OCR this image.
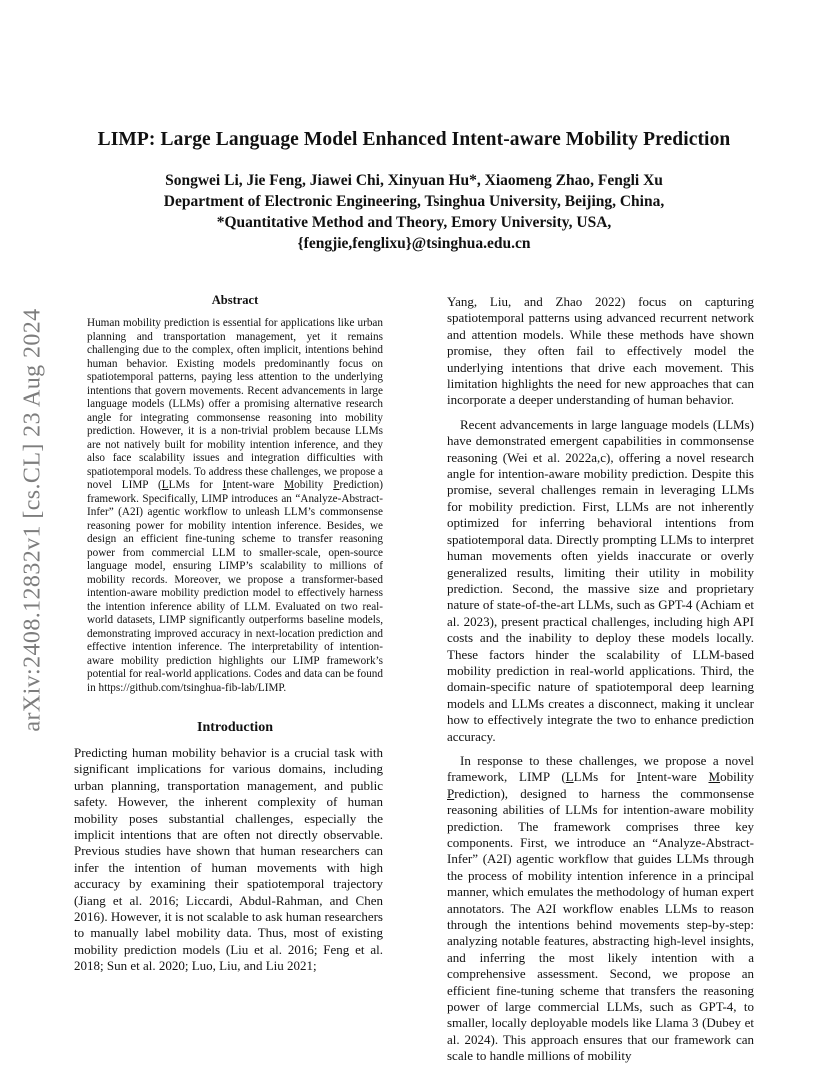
LIMP: Large Language Model Enhanced Intent-aware Mobility Prediction
Songwei Li, Jie Feng, Jiawei Chi, Xinyuan Hu*, Xiaomeng Zhao, Fengli Xu
Department of Electronic Engineering, Tsinghua University, Beijing, China,
*Quantitative Method and Theory, Emory University, USA,
{fengjie,fenglixu}@tsinghua.edu.cn
arXiv:2408.12832v1 [cs.CL] 23 Aug 2024
Abstract

Human mobility prediction is essential for applications like urban planning and transportation management, yet it remains challenging due to the complex, often implicit, intentions behind human behavior. Existing models predominantly focus on spatiotemporal patterns, paying less attention to the underlying intentions that govern movements. Recent advancements in large language models (LLMs) offer a promising alternative research angle for integrating commonsense reasoning into mobility prediction. However, it is a non-trivial problem because LLMs are not natively built for mobility intention inference, and they also face scalability issues and integration difficulties with spatiotemporal models. To address these challenges, we propose a novel LIMP (LLMs for Intent-ware Mobility Prediction) framework. Specifically, LIMP introduces an “Analyze-Abstract-Infer” (A2I) agentic workflow to unleash LLM’s commonsense reasoning power for mobility intention inference. Besides, we design an efficient fine-tuning scheme to transfer reasoning power from commercial LLM to smaller-scale, open-source language model, ensuring LIMP’s scalability to millions of mobility records. Moreover, we propose a transformer-based intention-aware mobility prediction model to effectively harness the intention inference ability of LLM. Evaluated on two real-world datasets, LIMP significantly outperforms baseline models, demonstrating improved accuracy in next-location prediction and effective intention inference. The interpretability of intention-aware mobility prediction highlights our LIMP framework’s potential for real-world applications. Codes and data can be found in https://github.com/tsinghua-fib-lab/LIMP.

Introduction

Predicting human mobility behavior is a crucial task with significant implications for various domains, including urban planning, transportation management, and public safety. However, the inherent complexity of human mobility poses substantial challenges, especially the implicit intentions that are often not directly observable. Previous studies have shown that human researchers can infer the intention of human movements with high accuracy by examining their spatiotemporal trajectory (Jiang et al. 2016; Liccardi, Abdul-Rahman, and Chen 2016). However, it is not scalable to ask human researchers to manually label mobility data. Thus, most of existing mobility prediction models (Liu et al. 2016; Feng et al. 2018; Sun et al. 2020; Luo, Liu, and Liu 2021;

Yang, Liu, and Zhao 2022) focus on capturing spatiotemporal patterns using advanced recurrent network and attention models. While these methods have shown promise, they often fail to effectively model the underlying intentions that drive each movement. This limitation highlights the need for new approaches that can incorporate a deeper understanding of human behavior.

Recent advancements in large language models (LLMs) have demonstrated emergent capabilities in commonsense reasoning (Wei et al. 2022a,c), offering a novel research angle for intention-aware mobility prediction. Despite this promise, several challenges remain in leveraging LLMs for mobility prediction. First, LLMs are not inherently optimized for inferring behavioral intentions from spatiotemporal data. Directly prompting LLMs to interpret human movements often yields inaccurate or overly generalized results, limiting their utility in mobility prediction. Second, the massive size and proprietary nature of state-of-the-art LLMs, such as GPT-4 (Achiam et al. 2023), present practical challenges, including high API costs and the inability to deploy these models locally. These factors hinder the scalability of LLM-based mobility prediction in real-world applications. Third, the domain-specific nature of spatiotemporal deep learning models and LLMs creates a disconnect, making it unclear how to effectively integrate the two to enhance prediction accuracy.

In response to these challenges, we propose a novel framework, LIMP (LLMs for Intent-ware Mobility Prediction), designed to harness the commonsense reasoning abilities of LLMs for intention-aware mobility prediction. The framework comprises three key components. First, we introduce an “Analyze-Abstract-Infer” (A2I) agentic workflow that guides LLMs through the process of mobility intention inference in a principal manner, which emulates the methodology of human expert annotators. The A2I workflow enables LLMs to reason through the intentions behind movements step-by-step: analyzing notable features, abstracting high-level insights, and inferring the most likely intention with a comprehensive assessment. Second, we propose an efficient fine-tuning scheme that transfers the reasoning power of large commercial LLMs, such as GPT-4, to smaller, locally deployable models like Llama 3 (Dubey et al. 2024). This approach ensures that our framework can scale to handle millions of mobility
